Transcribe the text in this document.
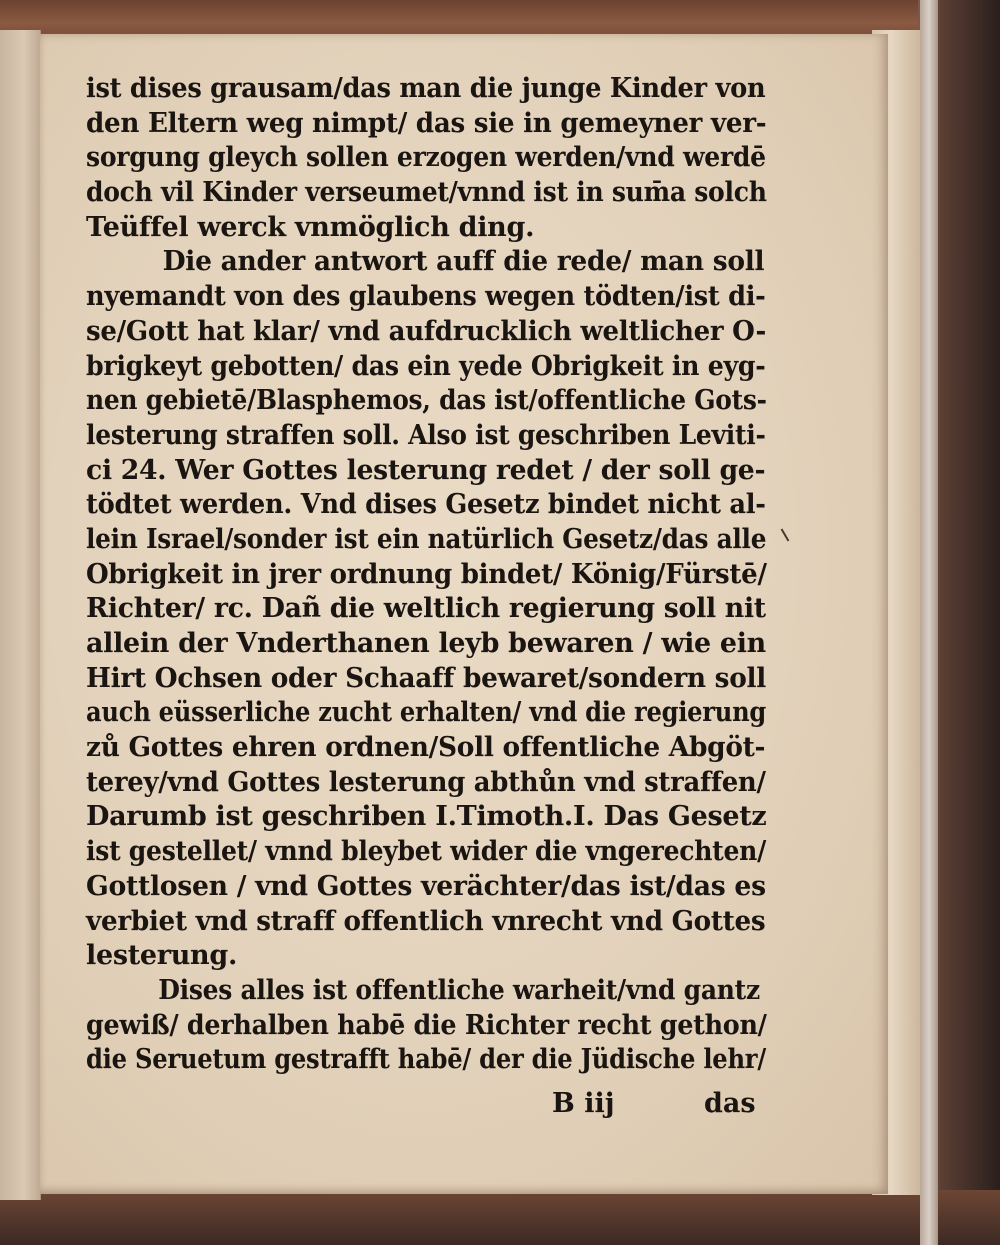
ist dises grausam/das man die junge Kinder von

den Eltern weg nimpt/ das sie in gemeyner ver-

sorgung gleych sollen erzogen werden/vnd werdē

doch vil Kinder verseumet/vnnd ist in sum̄a solch

Teüffel werck vnmöglich ding.

Die ander antwort auff die rede/ man soll

nyemandt von des glaubens wegen tödten/ist di-

se/Gott hat klar/ vnd aufdrucklich weltlicher O-

brigkeyt gebotten/ das ein yede Obrigkeit in eyg-

nen gebietē/Blasphemos, das ist/offentliche Gots-

lesterung straffen soll. Also ist geschriben Leviti-

ci 24. Wer Gottes lesterung redet / der soll ge-

tödtet werden. Vnd dises Gesetz bindet nicht al-

lein Israel/sonder ist ein natürlich Gesetz/das alle

Obrigkeit in jrer ordnung bindet/ König/Fürstē/

Richter/ rc. Dañ die weltlich regierung soll nit

allein der Vnderthanen leyb bewaren / wie ein

Hirt Ochsen oder Schaaff bewaret/sondern soll

auch eüsserliche zucht erhalten/ vnd die regierung

zů Gottes ehren ordnen/Soll offentliche Abgöt-

terey/vnd Gottes lesterung abthůn vnd straffen/

Darumb ist geschriben I.Timoth.I. Das Gesetz

ist gestellet/ vnnd bleybet wider die vngerechten/

Gottlosen / vnd Gottes verächter/das ist/das es

verbiet vnd straff offentlich vnrecht vnd Gottes

lesterung.

Dises alles ist offentliche warheit/vnd gantz

gewiß/ derhalben habē die Richter recht gethon/

die Seruetum gestrafft habē/ der die Jüdische lehr/

B iij	das
